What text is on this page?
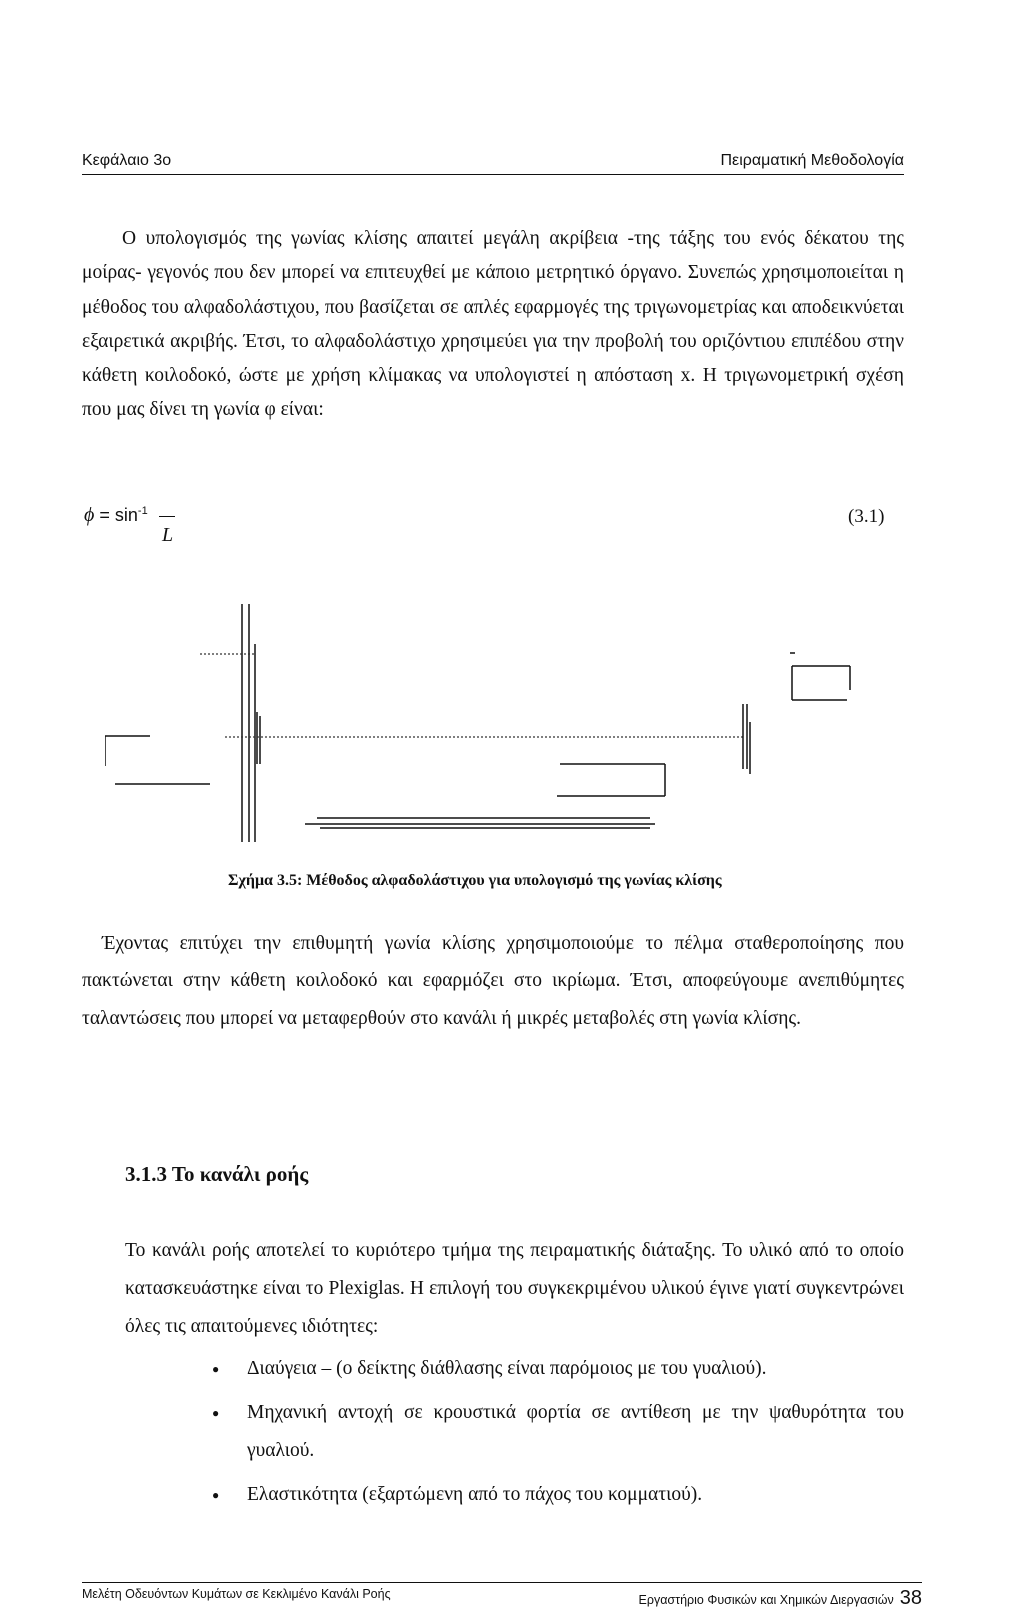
Κεφάλαιο 3ο	Πειραματική Μεθοδολογία

Ο υπολογισμός της γωνίας κλίσης απαιτεί μεγάλη ακρίβεια -της τάξης του ενός δέκατου της μοίρας- γεγονός που δεν μπορεί να επιτευχθεί με κάποιο μετρητικό όργανο. Συνεπώς χρησιμοποιείται η μέθοδος του αλφαδολάστιχου, που βασίζεται σε απλές εφαρμογές της τριγωνομετρίας και αποδεικνύεται εξαιρετικά ακριβής. Έτσι, το αλφαδολάστιχο χρησιμεύει για την προβολή του οριζόντιου επιπέδου στην κάθετη κοιλοδοκό, ώστε με χρήση κλίμακας να υπολογιστεί η απόσταση x. Η τριγωνομετρική σχέση που μας δίνει τη γωνία φ είναι:

$\phi = \sin^{-1}$
L
(3.1)
Σχήμα 3.5: Μέθοδος αλφαδολάστιχου για υπολογισμό της γωνίας κλίσης

Έχοντας επιτύχει την επιθυμητή γωνία κλίσης χρησιμοποιούμε το πέλμα σταθεροποίησης που πακτώνεται στην κάθετη κοιλοδοκό και εφαρμόζει στο ικρίωμα. Έτσι, αποφεύγουμε ανεπιθύμητες ταλαντώσεις που μπορεί να μεταφερθούν στο κανάλι ή μικρές μεταβολές στη γωνία κλίσης.

3.1.3 Το κανάλι ροής

Το κανάλι ροής αποτελεί το κυριότερο τμήμα της πειραματικής διάταξης. Το υλικό από το οποίο κατασκευάστηκε είναι το Plexiglas. Η επιλογή του συγκεκριμένου υλικού έγινε γιατί συγκεντρώνει όλες τις απαιτούμενες ιδιότητες:

● Διαύγεια – (ο δείκτης διάθλασης είναι παρόμοιος με του γυαλιού).
● Μηχανική αντοχή σε κρουστικά φορτία σε αντίθεση με την ψαθυρότητα του γυαλιού.
● Ελαστικότητα (εξαρτώμενη από το πάχος του κομματιού).
Μελέτη Οδευόντων Κυμάτων σε Κεκλιμένο Κανάλι Ροής	Εργαστήριο Φυσικών και Χημικών Διεργασιών 38
